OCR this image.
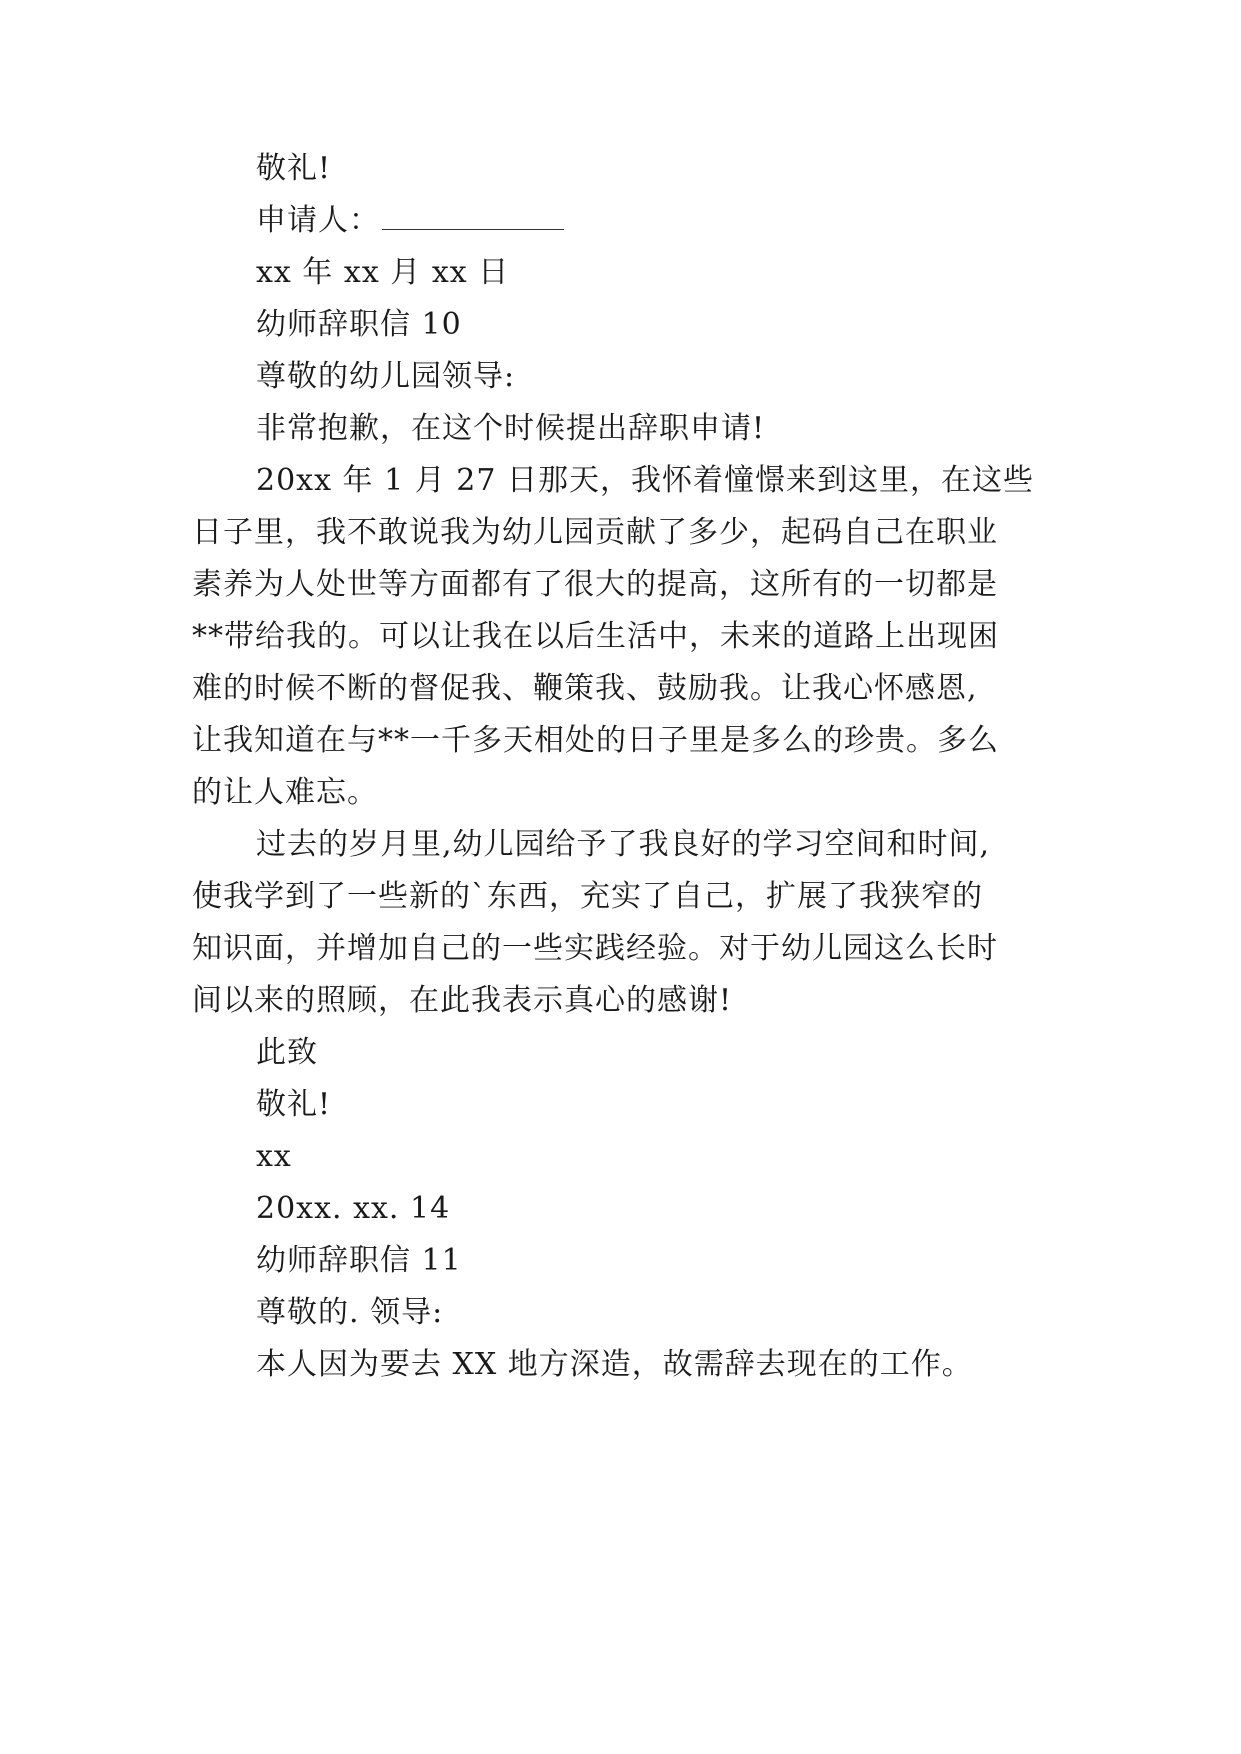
敬礼!
申请人：
xx 年 xx 月 xx 日
幼师辞职信 10
尊敬的幼儿园领导:
非常抱歉，在这个时候提出辞职申请!
20xx 年 1 月 27 日那天，我怀着憧憬来到这里，在这些
日子里，我不敢说我为幼儿园贡献了多少，起码自己在职业
素养为人处世等方面都有了很大的提高，这所有的一切都是
**带给我的。可以让我在以后生活中，未来的道路上出现困
难的时候不断的督促我、鞭策我、鼓励我。让我心怀感恩,
让我知道在与**一千多天相处的日子里是多么的珍贵。多么
的让人难忘。
过去的岁月里,幼儿园给予了我良好的学习空间和时间,
使我学到了一些新的`东西，充实了自己，扩展了我狭窄的
知识面，并增加自己的一些实践经验。对于幼儿园这么长时
间以来的照顾，在此我表示真心的感谢!
此致
敬礼!
xx
20xx. xx. 14
幼师辞职信 11
尊敬的. 领导:
本人因为要去 XX 地方深造，故需辞去现在的工作。
